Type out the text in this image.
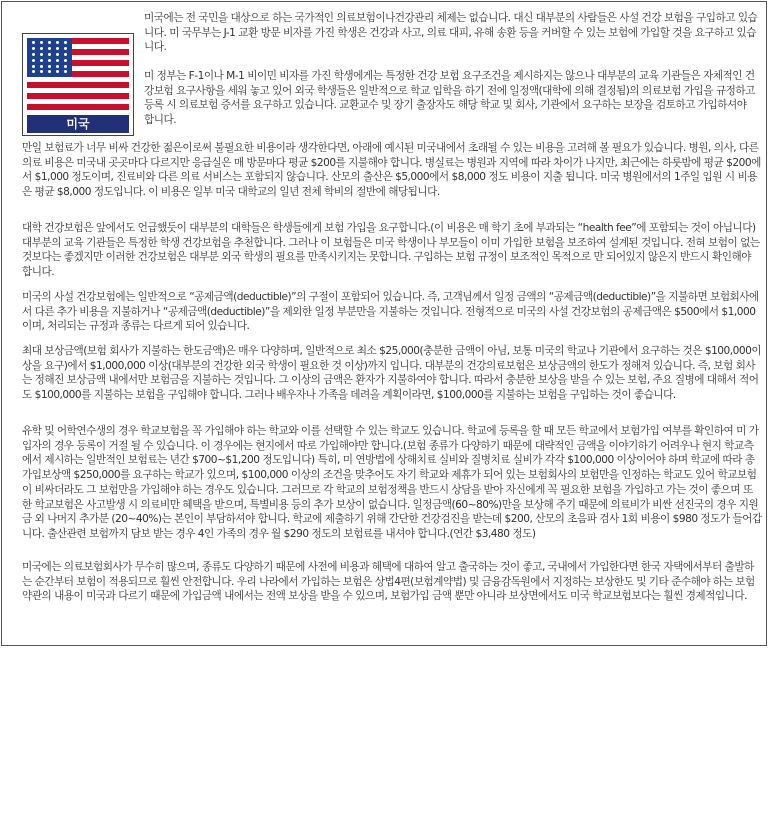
미국

미국에는 전 국민을 대상으로 하는 국가적인 의료보험이나건강관리 체제는 없습니다. 대신 대부분의 사람들은 사설 건강 보험을 구입하고 있습니다. 미 국무부는 J-1 교환 방문 비자를 가진 학생은 건강과 사고, 의료 대피, 유해 송환 등을 커버할 수 있는 보험에 가입할 것을 요구하고 있습니다.

미 정부는 F-1이나 M-1 비이민 비자를 가진 학생에게는 특정한 건강 보험 요구조건을 제시하지는 않으나 대부분의 교육 기관들은 자체적인 건강보험 요구사항을 세워 놓고 있어 외국 학생들은 일반적으로 학교 입학을 하기 전에 일정액(대학에 의해 결정됨)의 의료보험 가입을 규정하고 등록 시 의료보험 증서를 요구하고 있습니다. 교환교수 및 장기 출장자도 해당 학교 및 회사, 기관에서 요구하는 보장을 검토하고 가입하셔야 합니다.

만일 보험료가 너무 비싸 건강한 젊은이로써 불필요한 비용이라 생각한다면, 아래에 예시된 미국내에서 초래될 수 있는 비용을 고려해 볼 필요가 있습니다. 병원, 의사, 다른 의료 비용은 미국내 곳곳마다 다르지만 응급실은 매 방문마다 평균 $200를 지불해야 합니다. 병실료는 병원과 지역에 따라 차이가 나지만, 최근에는 하룻밤에 평균 $200에서 $1,000 정도이며, 진료비와 다른 의료 서비스는 포함되지 않습니다. 산모의 출산은 $5,000에서 $8,000 정도 비용이 지출 됩니다. 미국 병원에서의 1주일 입원 시 비용은 평균 $8,000 정도입니다. 이 비용은 일부 미국 대학교의 일년 전체 학비의 절반에 해당됩니다.

대학 건강보험은 앞에서도 언급했듯이 대부분의 대학들은 학생들에게 보험 가입을 요구합니다.(이 비용은 매 학기 초에 부과되는 “health fee”에 포함되는 것이 아닙니다) 대부분의 교육 기관들은 특정한 학생 건강보험을 추천합니다. 그러나 이 보험들은 미국 학생이나 부모들이 이미 가입한 보험을 보조하여 설계된 것입니다. 전혀 보험이 없는 것보다는 좋겠지만 이러한 건강보험은 대부분 외국 학생의 필요를 만족시키지는 못합니다. 구입하는 보험 규정이 보조적인 목적으로 만 되어있지 않은지 반드시 확인해야 합니다.

미국의 사설 건강보험에는 일반적으로 “공제금액(deductible)”의 구절이 포함되어 있습니다. 즉, 고객님께서 일정 금액의 “공제금액(deductible)”을 지불하면 보험회사에서 다른 추가 비용을 지불하거나 “공제금액(deductible)”을 제외한 일정 부분만을 지불하는 것입니다. 전형적으로 미국의 사설 건강보험의 공제금액은 $500에서 $1,000이며, 처리되는 규정과 종류는 다르게 되어 있습니다.

최대 보상금액(보험 회사가 지불하는 한도금액)은 매우 다양하며, 일반적으로 최소 $25,000(충분한 금액이 아님, 보통 미국의 학교나 기관에서 요구하는 것은 $100,000이상을 요구)에서 $1,000,000 이상(대부분의 건강한 외국 학생이 필요한 것 이상)까지 입니다. 대부분의 건강의료보험은 보상금액의 한도가 정해져 있습니다. 즉, 보험 회사는 정해진 보상금액 내에서만 보험금을 지불하는 것입니다. 그 이상의 금액은 환자가 지불하여야 합니다. 따라서 충분한 보상을 받을 수 있는 보험, 주요 질병에 대해서 적어도 $100,000를 지불하는 보험을 구입해야 합니다. 그러나 배우자나 가족을 데려올 계획이라면, $100,000를 지불하는 보험을 구입하는 것이 좋습니다.

유학 및 어학연수생의 경우 학교보험을 꼭 가입해야 하는 학교와 이를 선택할 수 있는 학교도 있습니다. 학교에 등록을 할 때 모든 학교에서 보험가입 여부를 확인하여 미 가입자의 경우 등록이 거절 될 수 있습니다. 이 경우에는 현지에서 따로 가입해야만 합니다.(보험 종류가 다양하기 때문에 대략적인 금액을 이야기하기 어려우나 현지 학교측에서 제시하는 일반적인 보험료는 년간 $700~$1,200 정도입니다) 특히, 미 연방법에 상해치료 실비와 질병치료 실비가 각각 $100,000 이상이어야 하며 학교에 따라 총 가입보상액 $250,000를 요구하는 학교가 있으며, $100,000 이상의 조건을 맞추어도 자기 학교와 제휴가 되어 있는 보험회사의 보험만을 인정하는 학교도 있어 학교보험이 비싸더라도 그 보험만을 가입해야 하는 경우도 있습니다. 그러므로 각 학교의 보험정책을 반드시 상담을 받아 자신에게 꼭 필요한 보험을 가입하고 가는 것이 좋으며 또한 학교보험은 사고발생 시 의료비만 혜택을 받으며, 특별비용 등의 추가 보상이 없습니다. 일정금액(60~80%)만을 보상해 주기 때문에 의료비가 비싼 선진국의 경우 지원금 외 나머지 추가분 (20~40%)는 본인이 부담하셔야 합니다. 학교에 제출하기 위해 간단한 건강검진을 받는데 $200, 산모의 초음파 검사 1회 비용이 $980 정도가 들어갑니다. 출산관련 보험까지 담보 받는 경우 4인 가족의 경우 월 $290 정도의 보험료를 내셔야 합니다.(연간 $3,480 정도)

미국에는 의료보험회사가 무수히 많으며, 종류도 다양하기 때문에 사전에 비용과 혜택에 대하여 알고 출국하는 것이 좋고, 국내에서 가입한다면 한국 자택에서부터 출발하는 순간부터 보험이 적용되므로 훨씬 안전합니다. 우리 나라에서 가입하는 보험은 상법4편(보험계약법) 및 금융감독원에서 지정하는 보상한도 및 기타 준수해야 하는 보험약관의 내용이 미국과 다르기 때문에 가입금액 내에서는 전액 보상을 받을 수 있으며, 보험가입 금액 뿐만 아니라 보상면에서도 미국 학교보험보다는 훨씬 경제적입니다.
